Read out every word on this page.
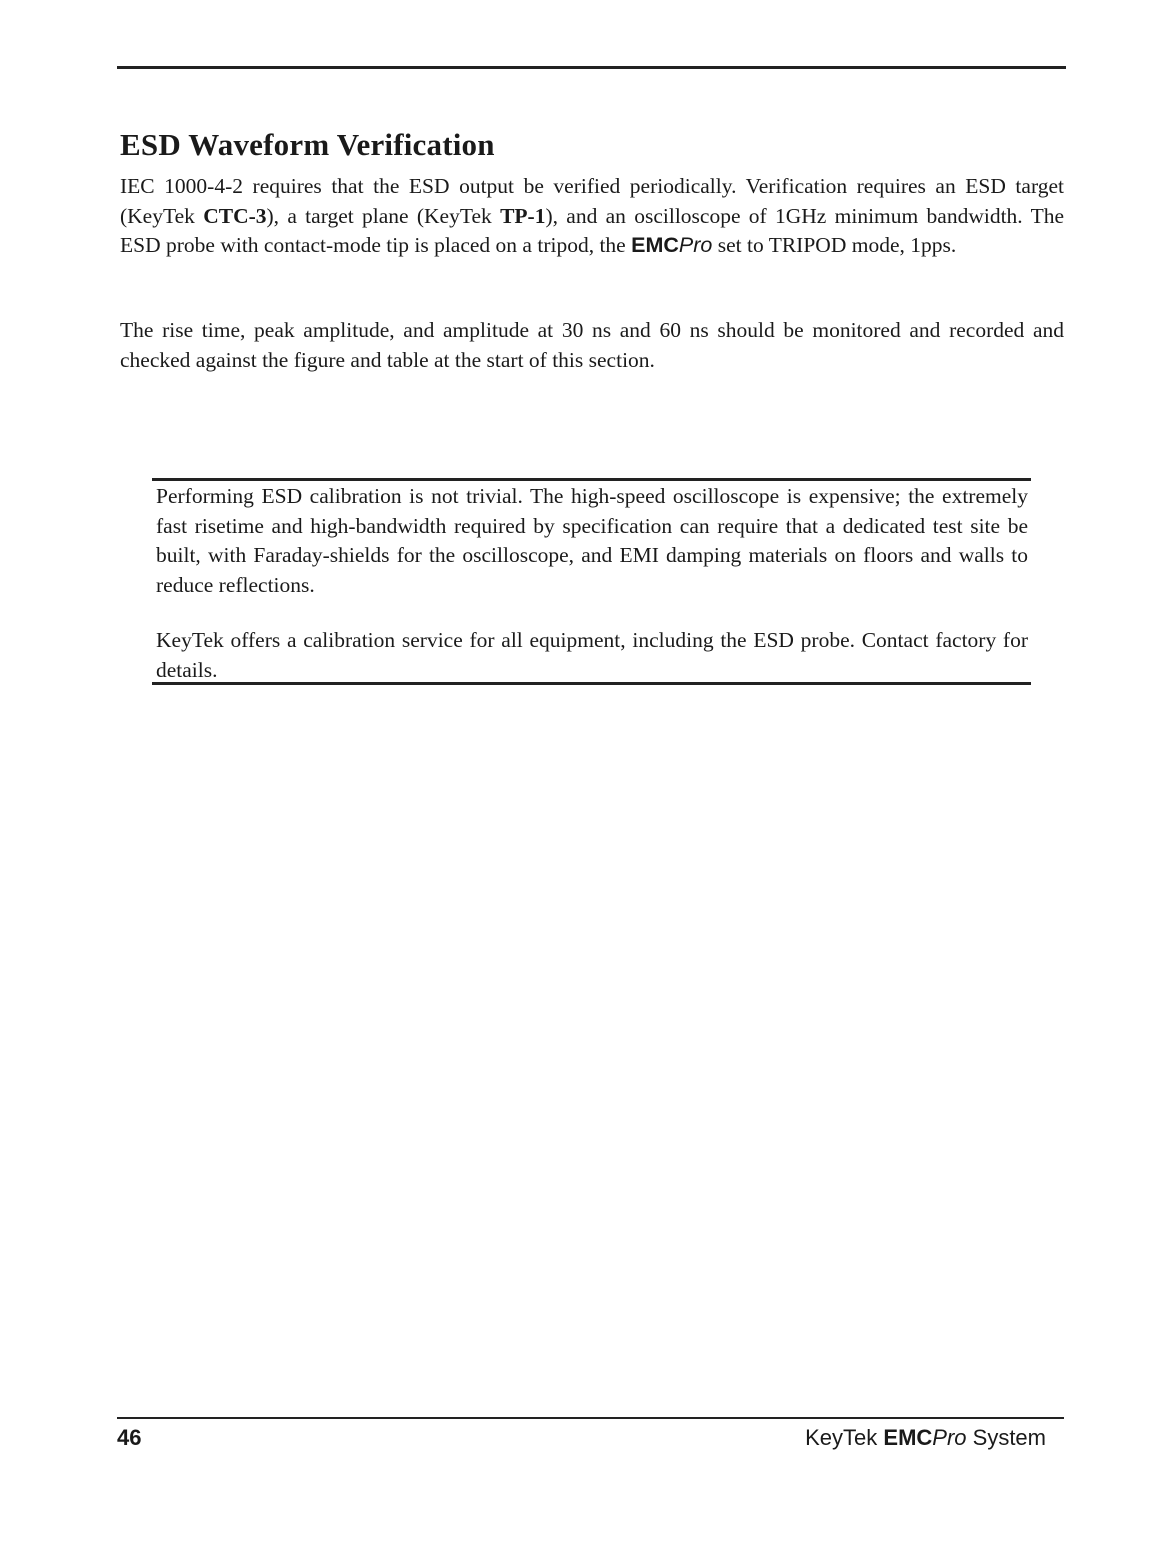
ESD Waveform Verification

IEC 1000-4-2 requires that the ESD output be verified periodically. Verification requires an ESD target (KeyTek CTC-3), a target plane (KeyTek TP-1), and an oscilloscope of 1GHz minimum bandwidth. The ESD probe with contact-mode tip is placed on a tripod, the EMCPro set to TRIPOD mode, 1pps.

The rise time, peak amplitude, and amplitude at 30 ns and 60 ns should be monitored and recorded and checked against the figure and table at the start of this section.

Performing ESD calibration is not trivial. The high-speed oscilloscope is expensive; the extremely fast risetime and high-bandwidth required by specification can require that a dedicated test site be built, with Faraday-shields for the oscilloscope, and EMI damping materials on floors and walls to reduce reflections.

KeyTek offers a calibration service for all equipment, including the ESD probe. Contact factory for details.

46	KeyTek EMCPro System
